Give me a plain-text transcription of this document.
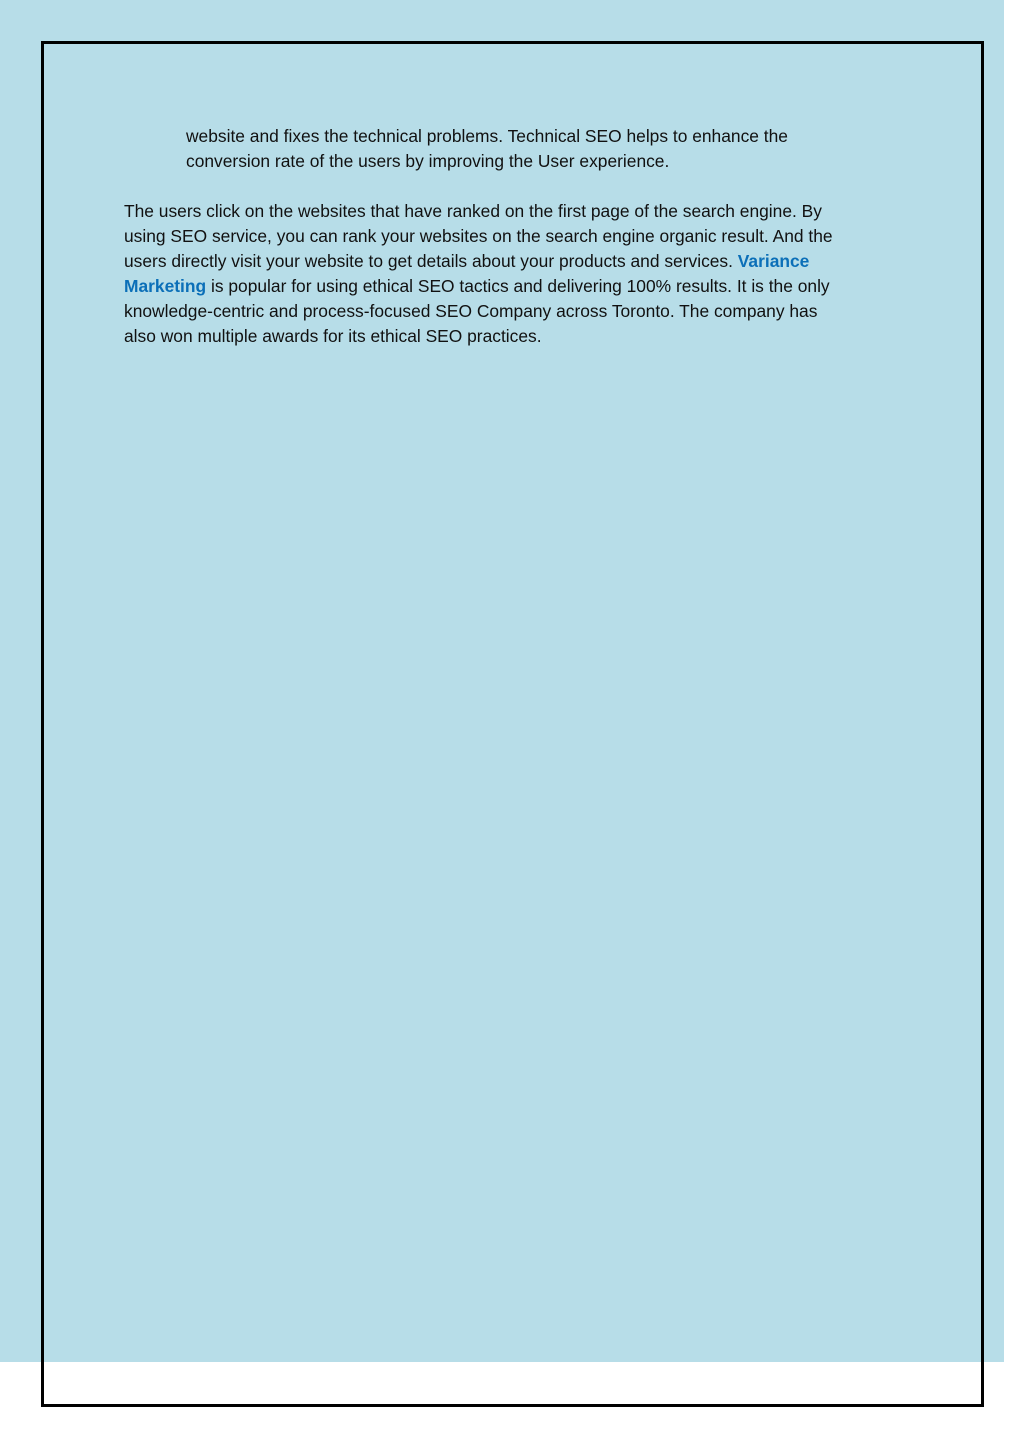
website and fixes the technical problems. Technical SEO helps to enhance the
conversion rate of the users by improving the User experience.
The users click on the websites that have ranked on the first page of the search engine. By
using SEO service, you can rank your websites on the search engine organic result. And the
users directly visit your website to get details about your products and services. Variance
Marketing is popular for using ethical SEO tactics and delivering 100% results. It is the only
knowledge-centric and process-focused SEO Company across Toronto. The company has
also won multiple awards for its ethical SEO practices.
